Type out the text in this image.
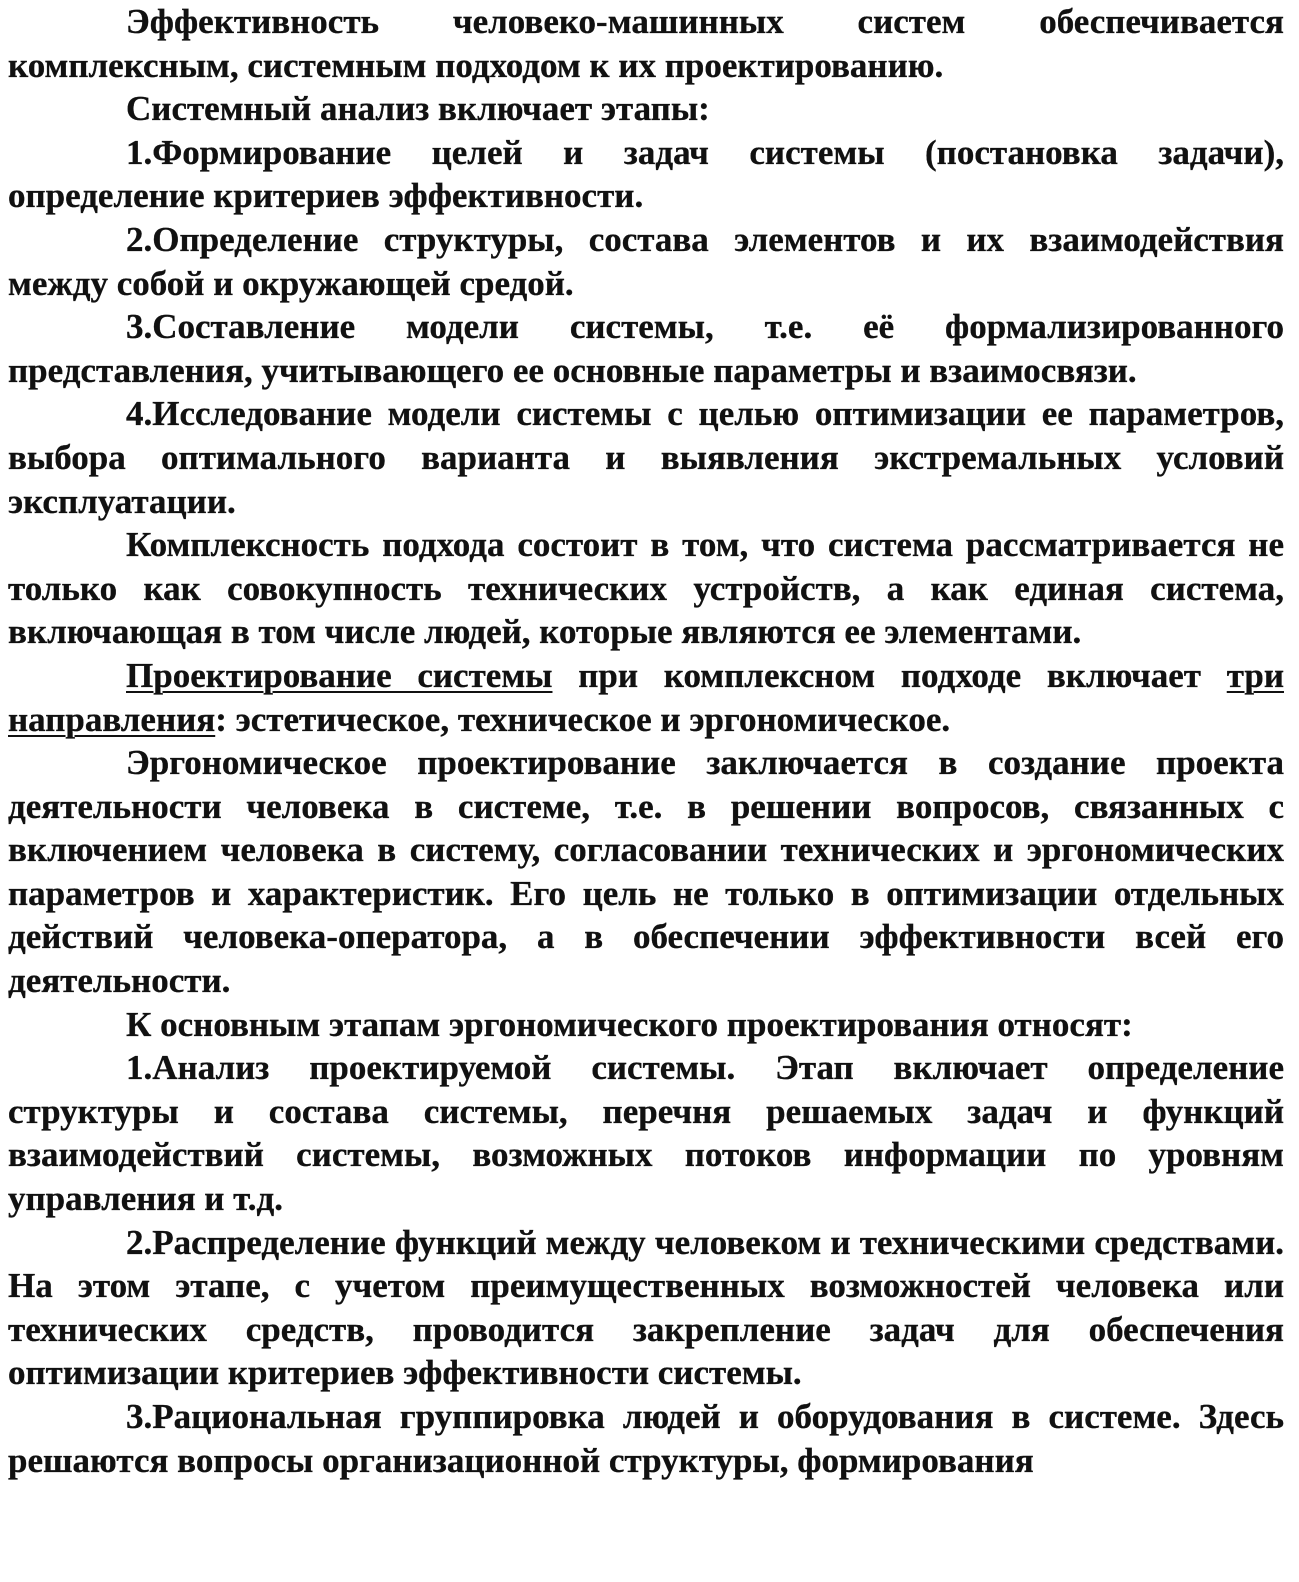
Эффективность человеко-машинных систем обеспечивается комплексным, системным подходом к их проектированию.

Системный анализ включает этапы:

1.Формирование целей и задач системы (постановка задачи), определение критериев эффективности.

2.Определение структуры, состава элементов и их взаимодействия между собой и окружающей средой.

3.Составление модели системы, т.е. её формализированного представления, учитывающего ее основные параметры и взаимосвязи.

4.Исследование модели системы с целью оптимизации ее параметров, выбора оптимального варианта и выявления экстремальных условий эксплуатации.

Комплексность подхода состоит в том, что система рассматривается не только как совокупность технических устройств, а как единая система, включающая в том числе людей, которые являются ее элементами.

Проектирование системы при комплексном подходе включает три направления: эстетическое, техническое и эргономическое.

Эргономическое проектирование заключается в создание проекта деятельности человека в системе, т.е. в решении вопросов, связанных с включением человека в систему, согласовании технических и эргономических параметров и характеристик. Его цель не только в оптимизации отдельных действий человека-оператора, а в обеспечении эффективности всей его деятельности.

К основным этапам эргономического проектирования относят:

1.Анализ проектируемой системы. Этап включает определение структуры и состава системы, перечня решаемых задач и функций взаимодействий системы, возможных потоков информации по уровням управления и т.д.

2.Распределение функций между человеком и техническими средствами. На этом этапе, с учетом преимущественных возможностей человека или технических средств, проводится закрепление задач для обеспечения оптимизации критериев эффективности системы.

3.Рациональная группировка людей и оборудования в системе. Здесь решаются вопросы организационной структуры, формирования
